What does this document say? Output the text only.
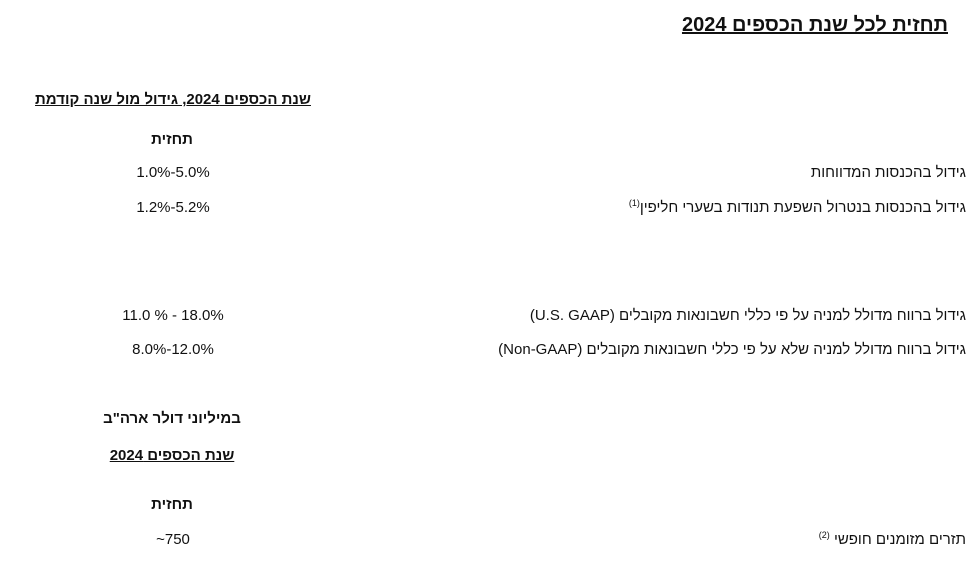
תחזית לכל שנת הכספים 2024
שנת הכספים 2024, גידול מול שנה קודמת
תחזית
גידול בהכנסות המדווחות
1.0%-5.0%
גידול בהכנסות בנטרול השפעת תנודות בשערי חליפין$^{(1)}$
1.2%-5.2%
גידול ברווח מדולל למניה על פי כללי חשבונאות מקובלים (U.S. GAAP)
11.0 % - 18.0%
גידול ברווח מדולל למניה שלא על פי כללי חשבונאות מקובלים (Non-GAAP)
8.0%-12.0%
במיליוני דולר ארה"ב
שנת הכספים 2024
תחזית
תזרים מזומנים חופשי $^{(2)}$
~750
